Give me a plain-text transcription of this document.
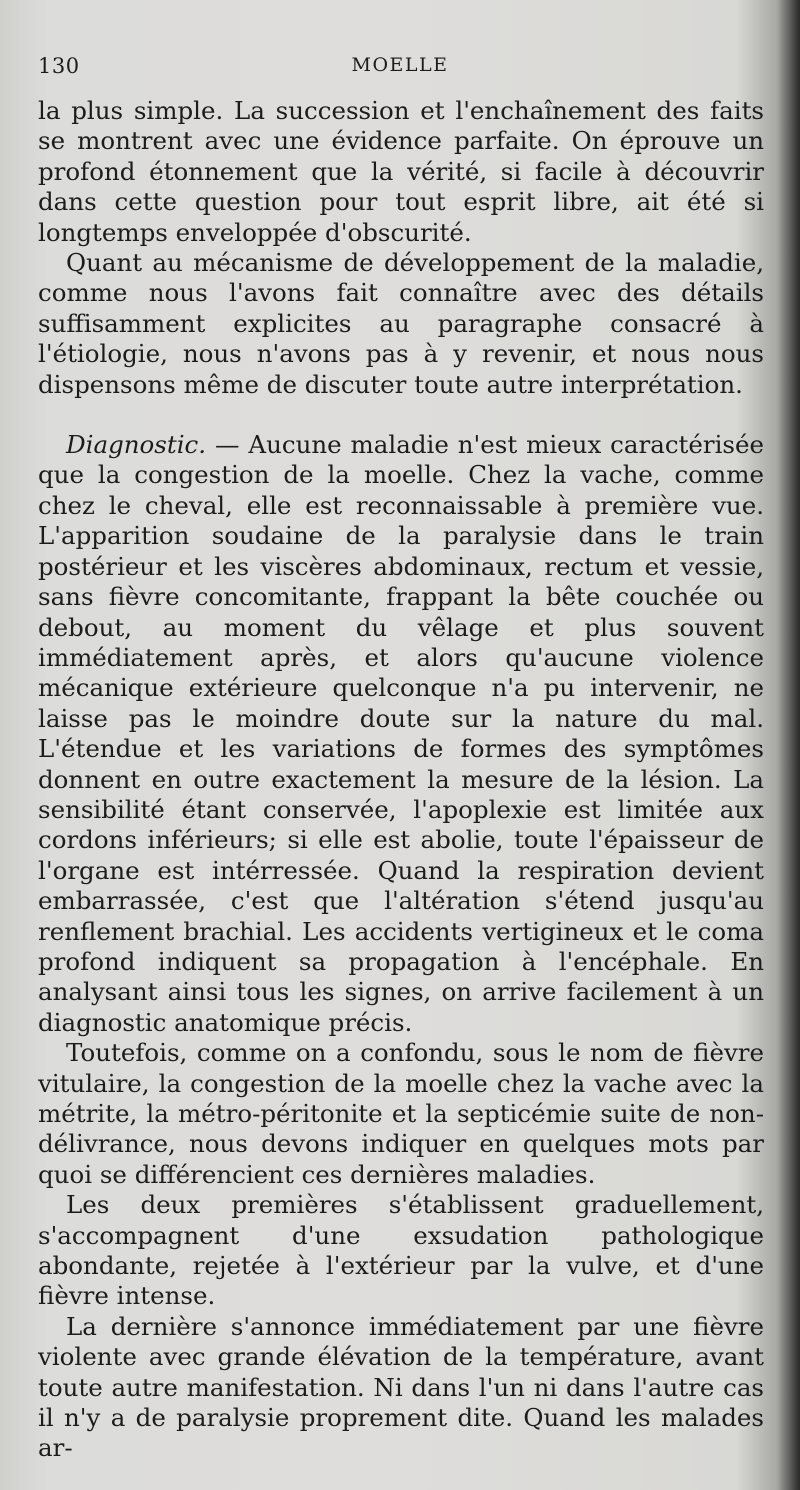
130	MOELLE

la plus simple. La succession et l'enchaînement des faits se montrent avec une évidence parfaite. On éprouve un profond étonnement que la vérité, si facile à découvrir dans cette question pour tout esprit libre, ait été si longtemps enveloppée d'obscurité.

Quant au mécanisme de développement de la maladie, comme nous l'avons fait connaître avec des détails suffisamment explicites au paragraphe consacré à l'étiologie, nous n'avons pas à y revenir, et nous nous dispensons même de discuter toute autre interprétation.

Diagnostic. — Aucune maladie n'est mieux caractérisée que la congestion de la moelle. Chez la vache, comme chez le cheval, elle est reconnaissable à première vue. L'apparition soudaine de la paralysie dans le train postérieur et les viscères abdominaux, rectum et vessie, sans fièvre concomitante, frappant la bête couchée ou debout, au moment du vêlage et plus souvent immédiatement après, et alors qu'aucune violence mécanique extérieure quelconque n'a pu intervenir, ne laisse pas le moindre doute sur la nature du mal. L'étendue et les variations de formes des symptômes donnent en outre exactement la mesure de la lésion. La sensibilité étant conservée, l'apoplexie est limitée aux cordons inférieurs; si elle est abolie, toute l'épaisseur de l'organe est intérressée. Quand la respiration devient embarrassée, c'est que l'altération s'étend jusqu'au renflement brachial. Les accidents vertigineux et le coma profond indiquent sa propagation à l'encéphale. En analysant ainsi tous les signes, on arrive facilement à un diagnostic anatomique précis.

Toutefois, comme on a confondu, sous le nom de fièvre vitulaire, la congestion de la moelle chez la vache avec la métrite, la métro-péritonite et la septicémie suite de non-délivrance, nous devons indiquer en quelques mots par quoi se différencient ces dernières maladies.

Les deux premières s'établissent graduellement, s'accompagnent d'une exsudation pathologique abondante, rejetée à l'extérieur par la vulve, et d'une fièvre intense.

La dernière s'annonce immédiatement par une fièvre violente avec grande élévation de la température, avant toute autre manifestation. Ni dans l'un ni dans l'autre cas il n'y a de paralysie proprement dite. Quand les malades ar-
